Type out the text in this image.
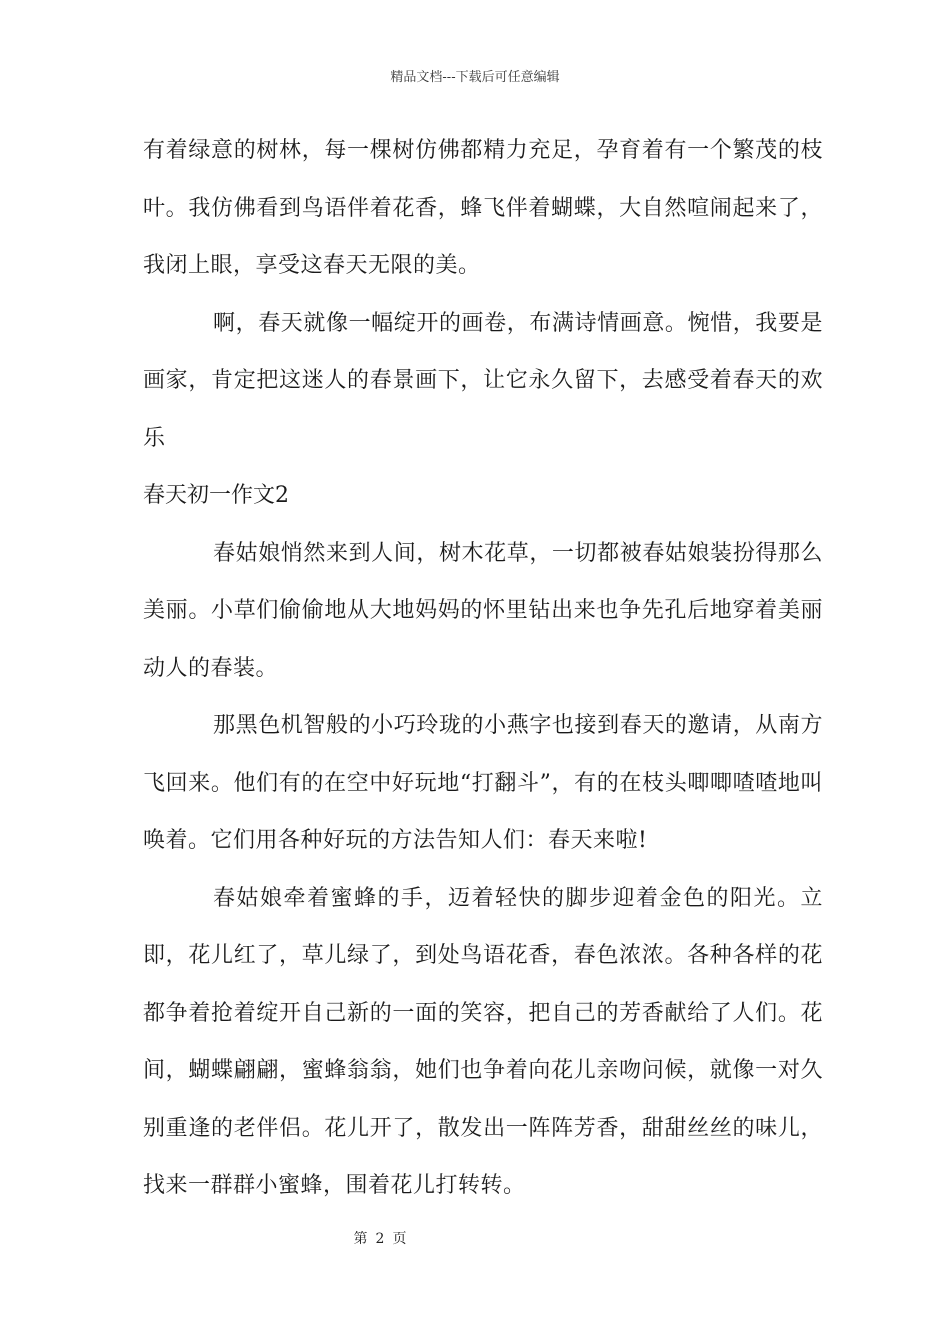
精品文档---下载后可任意编辑

有着绿意的树林，每一棵树仿佛都精力充足，孕育着有一个繁茂的枝叶。我仿佛看到鸟语伴着花香，蜂飞伴着蝴蝶，大自然喧闹起来了，我闭上眼，享受这春天无限的美。

啊，春天就像一幅绽开的画卷，布满诗情画意。惋惜，我要是画家，肯定把这迷人的春景画下，让它永久留下，去感受着春天的欢乐

春天初一作文2

春姑娘悄然来到人间，树木花草，一切都被春姑娘装扮得那么美丽。小草们偷偷地从大地妈妈的怀里钻出来也争先孔后地穿着美丽动人的春装。

那黑色机智般的小巧玲珑的小燕字也接到春天的邀请，从南方飞回来。他们有的在空中好玩地“打翻斗”，有的在枝头唧唧喳喳地叫唤着。它们用各种好玩的方法告知人们：春天来啦!

春姑娘牵着蜜蜂的手，迈着轻快的脚步迎着金色的阳光。立即，花儿红了，草儿绿了，到处鸟语花香，春色浓浓。各种各样的花都争着抢着绽开自己新的一面的笑容，把自己的芳香献给了人们。花间，蝴蝶翩翩，蜜蜂翁翁，她们也争着向花儿亲吻问候，就像一对久别重逢的老伴侣。花儿开了，散发出一阵阵芳香，甜甜丝丝的味儿，找来一群群小蜜蜂，围着花儿打转转。

第 2 页
